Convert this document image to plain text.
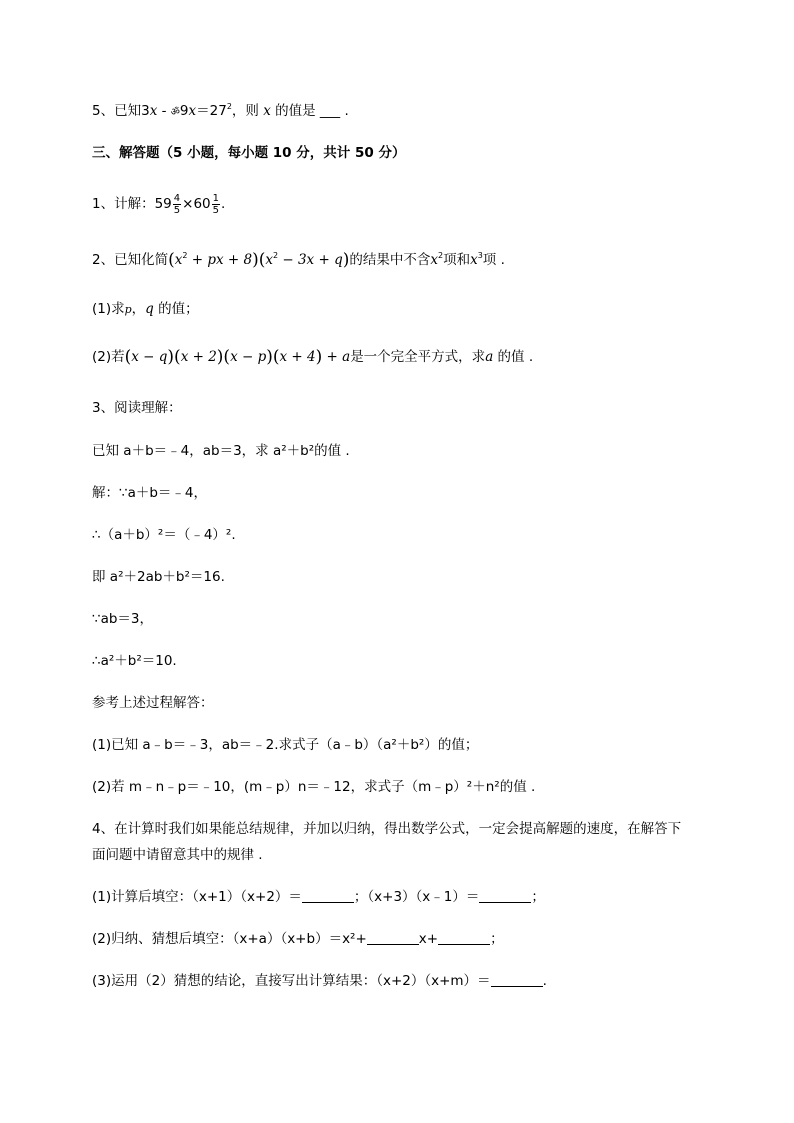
5、已知$3x - ॐ9x=27^2$，则 x 的值是 ___ .
三、解答题（5 小题，每小题 10 分，共计 50 分）
1、计解：$59 \frac{4}{5} \times 60 \frac{1}{5}$ .
2、已知化简($x^2$ + px + $8)(x^2 - 3x + q)$的结果中不含$x^2$项和$x^3$项 .
(1)求p，q 的值；
(2)若(x − q)(x + 2)(x − p)(x + 4) + a是一个完全平方式，求a 的值 .
3、阅读理解：
已知 a＋b＝﹣4，ab＝3，求 a²＋b²的值 .
解：∵a＋b＝﹣4，
∴（a＋b）²＝（﹣4）².
即 a²＋2ab＋b²＝16.
∵ab＝3，
∴a²＋b²＝10.
参考上述过程解答：
(1)已知 a﹣b＝﹣3，ab＝﹣2.求式子（a﹣b）（a²＋b²）的值；
(2)若 m﹣n﹣p＝﹣10，(m﹣p）n＝﹣12，求式子（m﹣p）²＋n²的值 .
4、在计算时我们如果能总结规律，并加以归纳，得出数学公式，一定会提高解题的速度，在解答下
面问题中请留意其中的规律 .
(1)计算后填空：（x+1）（x+2）＝	；（x+3）（x﹣1）＝	；
(2)归纳、猜想后填空：（x+a）（x+b）＝x²+	x+	；
(3)运用（2）猜想的结论，直接写出计算结果：（x+2）（x+m）＝	.
